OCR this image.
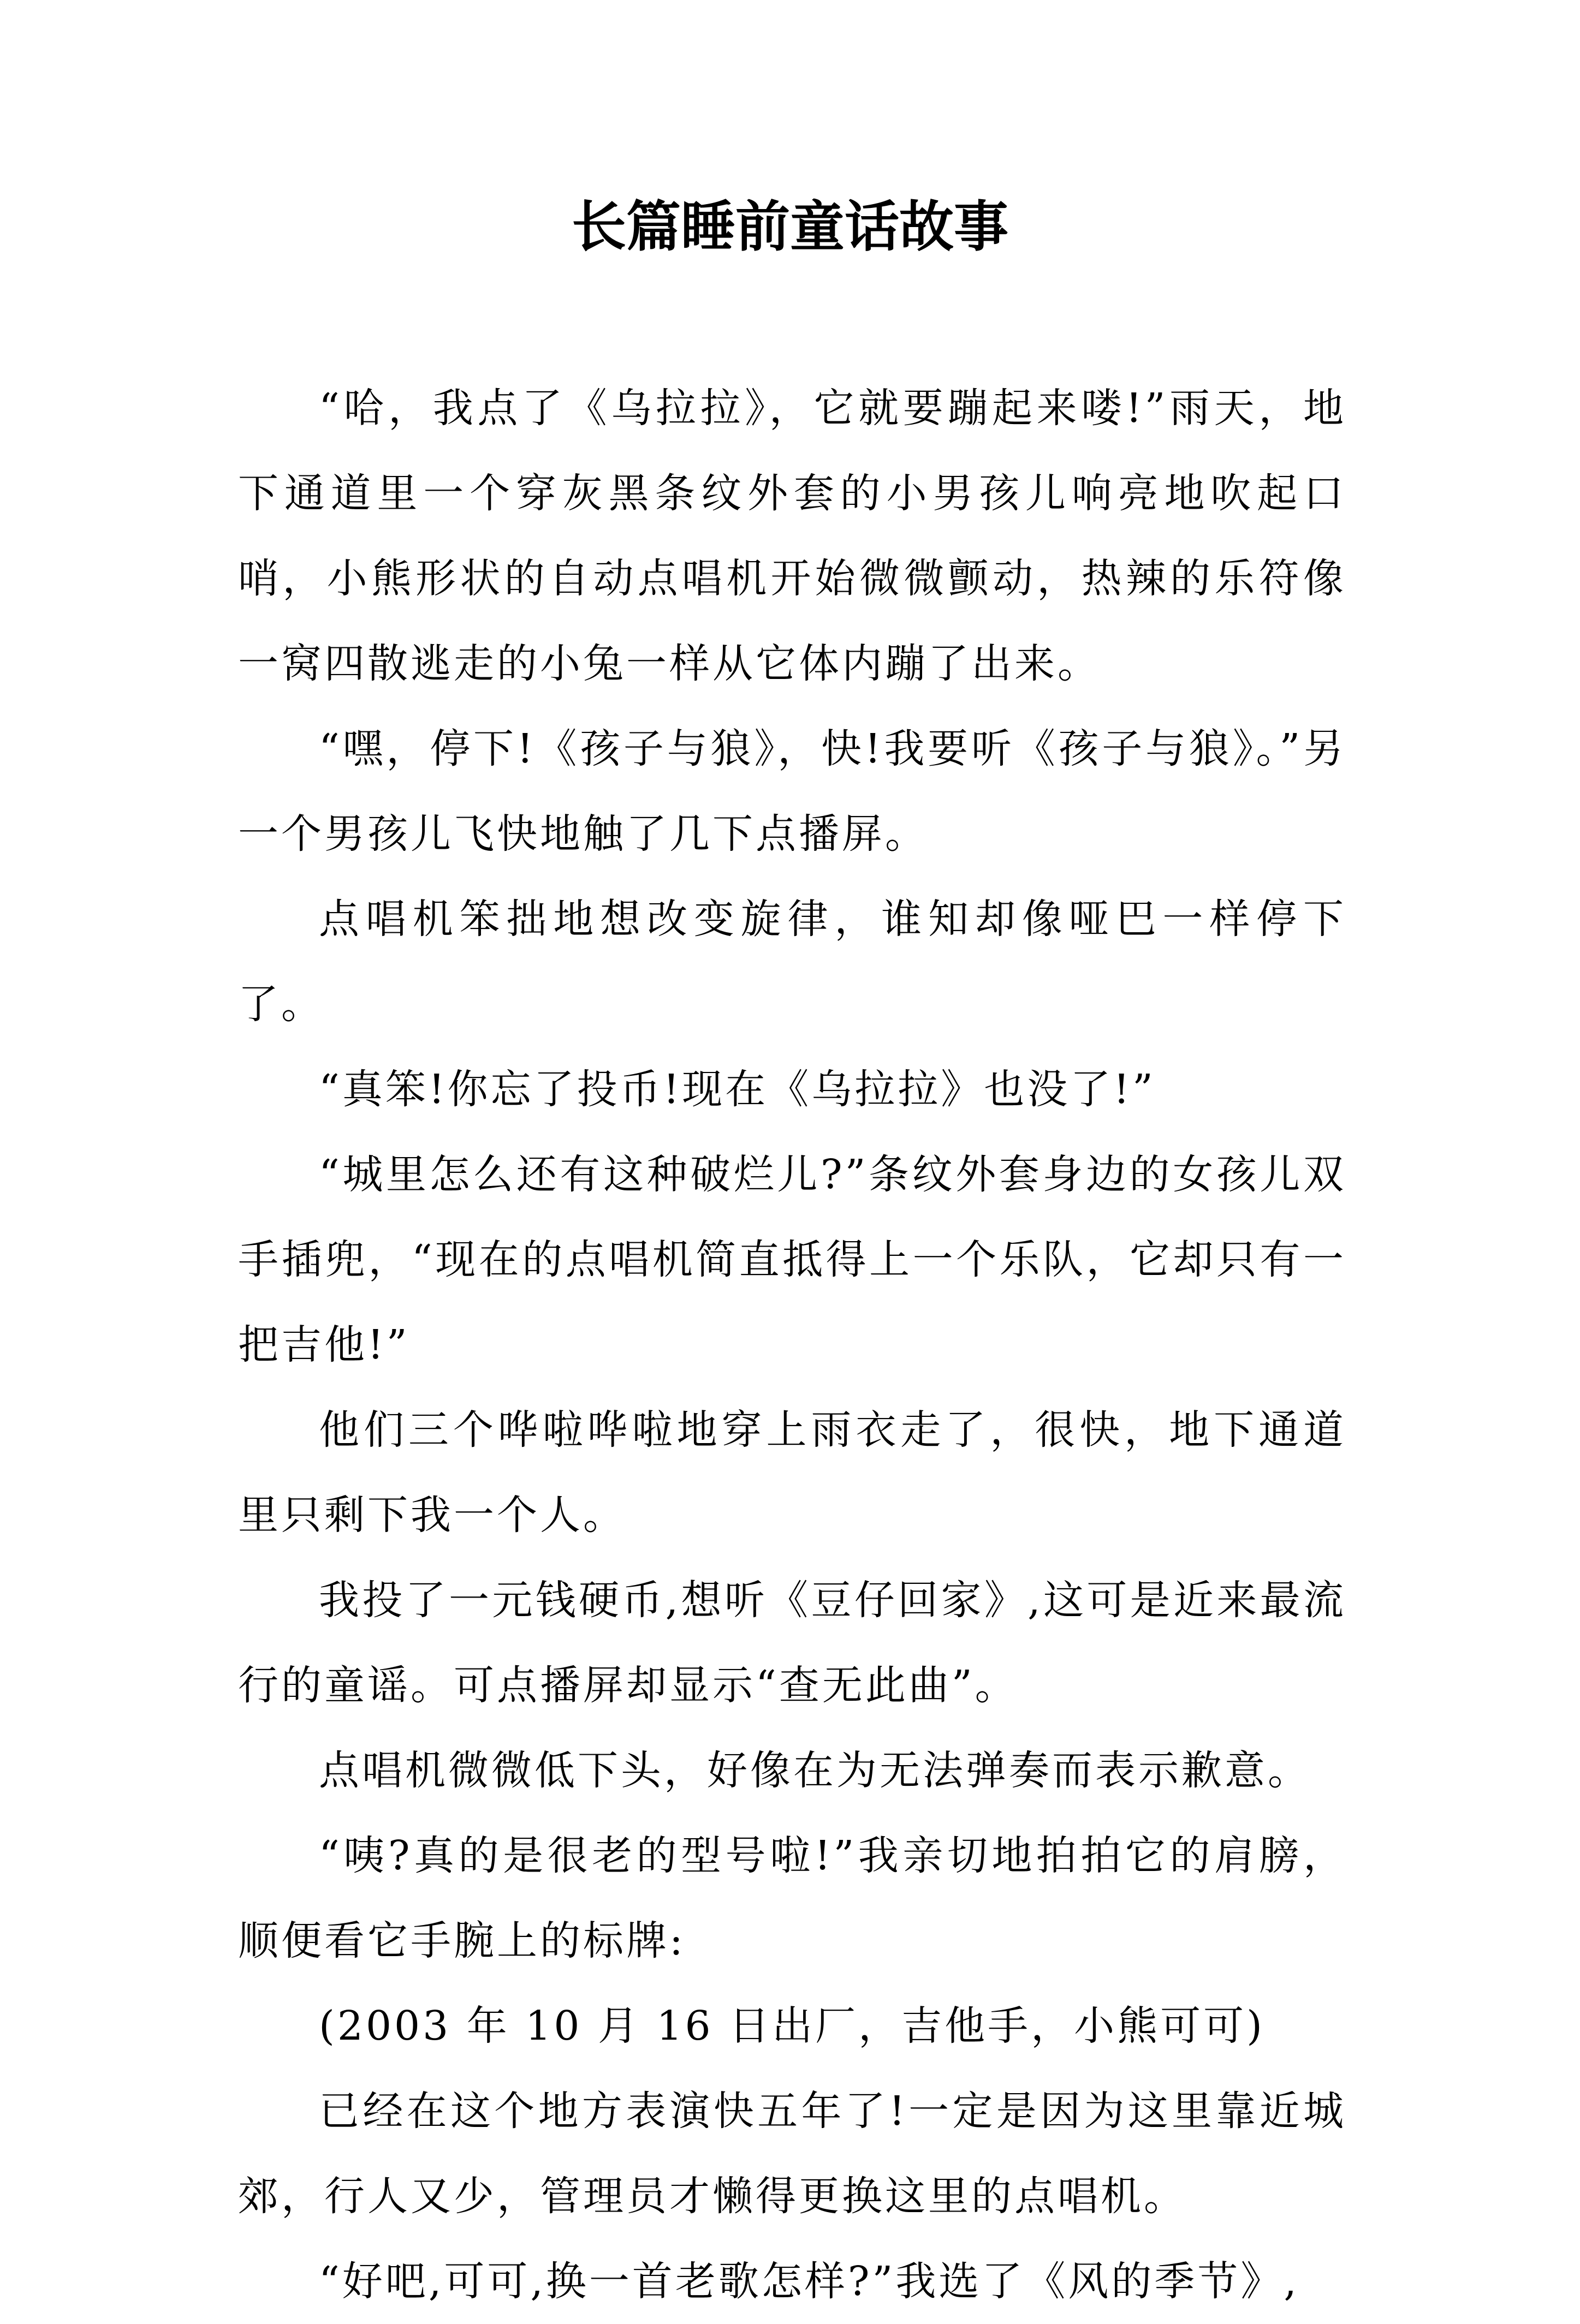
长篇睡前童话故事

“哈，我点了《乌拉拉》，它就要蹦起来喽!”雨天，地下通道里一个穿灰黑条纹外套的小男孩儿响亮地吹起口哨，小熊形状的自动点唱机开始微微颤动，热辣的乐符像一窝四散逃走的小兔一样从它体内蹦了出来。

“嘿，停下!《孩子与狼》，快!我要听《孩子与狼》。”另一个男孩儿飞快地触了几下点播屏。

点唱机笨拙地想改变旋律，谁知却像哑巴一样停下了。

“真笨!你忘了投币!现在《乌拉拉》也没了!”

“城里怎么还有这种破烂儿?”条纹外套身边的女孩儿双手插兜，“现在的点唱机简直抵得上一个乐队，它却只有一把吉他!”

他们三个哗啦哗啦地穿上雨衣走了，很快，地下通道里只剩下我一个人。

我投了一元钱硬币,想听《豆仔回家》,这可是近来最流行的童谣。可点播屏却显示“查无此曲”。

点唱机微微低下头，好像在为无法弹奏而表示歉意。

“咦?真的是很老的型号啦!”我亲切地拍拍它的肩膀，顺便看它手腕上的标牌:

(2003 年 10 月 16 日出厂，吉他手，小熊可可)

已经在这个地方表演快五年了!一定是因为这里靠近城郊，行人又少，管理员才懒得更换这里的点唱机。

“好吧,可可,换一首老歌怎样?”我选了《风的季节》,
